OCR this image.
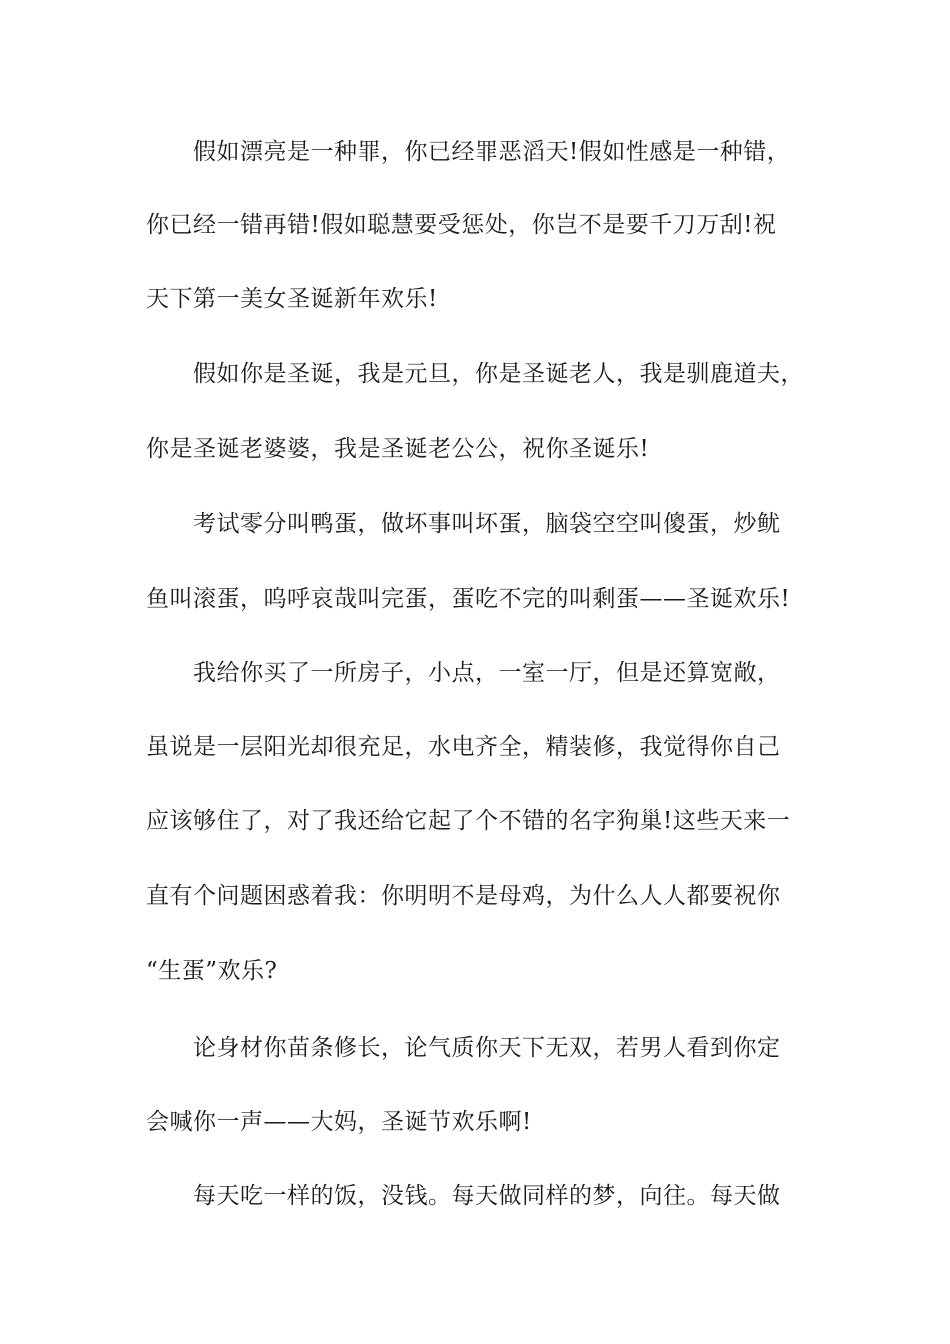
假如漂亮是一种罪，你已经罪恶滔天!假如性感是一种错，
你已经一错再错!假如聪慧要受惩处，你岂不是要千刀万刮!祝
天下第一美女圣诞新年欢乐!
假如你是圣诞，我是元旦，你是圣诞老人，我是驯鹿道夫，
你是圣诞老婆婆，我是圣诞老公公，祝你圣诞乐!
考试零分叫鸭蛋，做坏事叫坏蛋，脑袋空空叫傻蛋，炒鱿
鱼叫滚蛋，呜呼哀哉叫完蛋，蛋吃不完的叫剩蛋——圣诞欢乐!
我给你买了一所房子，小点，一室一厅，但是还算宽敞，
虽说是一层阳光却很充足，水电齐全，精装修，我觉得你自己
应该够住了，对了我还给它起了个不错的名字狗巢!这些天来一
直有个问题困惑着我：你明明不是母鸡，为什么人人都要祝你
“生蛋”欢乐?
论身材你苗条修长，论气质你天下无双，若男人看到你定
会喊你一声——大妈，圣诞节欢乐啊!
每天吃一样的饭，没钱。每天做同样的梦，向往。每天做
